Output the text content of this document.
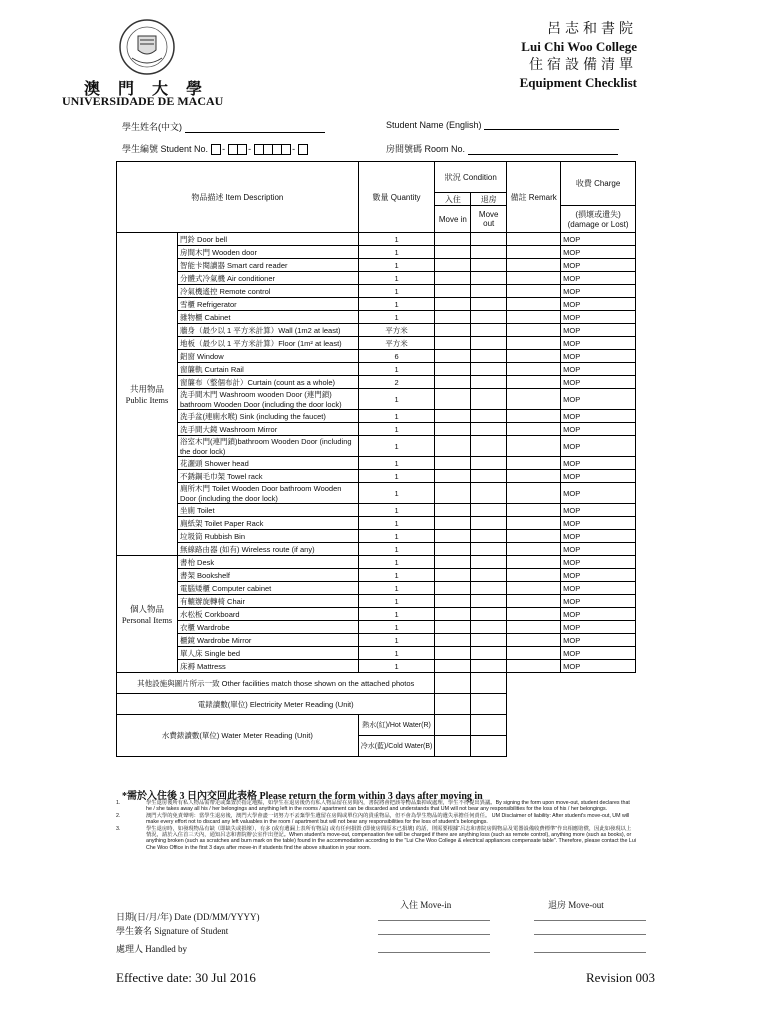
澳門大學
UNIVERSIDADE DE MACAU
呂志和書院
Lui Chi Woo College
住宿設備清單
Equipment Checklist
學生姓名(中文)	Student Name (English)
學生編號 Student No.  -  -	-	房間號碼 Room No.
物品描述 Item Description		數量 Quantity	狀況 Condition		備註 Remark	收費 Charge
			入住	退房		
			Move in	Move out		(損壞或遺失) (damage or Lost)
共用物品 Public Items	門鈴 Door bell	1				MOP
	房間木門 Wooden door	1				MOP
	智能卡閱讀器 Smart card reader	1				MOP
	分體式冷氣機 Air conditioner	1				MOP
	冷氣機遙控 Remote control	1				MOP
	雪櫃 Refrigerator	1				MOP
	雜物櫃 Cabinet	1				MOP
	牆身（最少以 1 平方米計算）Wall (1m2 at least)	平方米				MOP
	地板（最少以 1 平方米計算）Floor (1m² at least)	平方米				MOP
	鋁窗 Window	6				MOP
	窗簾軌 Curtain Rail	1				MOP
	窗簾布（整個布計）Curtain (count as a whole)	2				MOP
	洗手間木門 Washroom wooden Door (連門鎖) bathroom Wooden Door (including the door lock)	1				MOP
	洗手盆(連廁水喉) Sink (including the faucet)	1				MOP
	洗手間大鏡 Washroom Mirror	1				MOP
	浴室木門(連門鎖)bathroom Wooden Door (including the door lock)	1				MOP
	花灑頭 Shower head	1				MOP
	不銹鋼毛巾架 Towel rack	1				MOP
	廁所木門 Toilet Wooden Door bathroom Wooden Door (including the door lock)	1				MOP
	坐廁 Toilet	1				MOP
	廁紙架 Toilet Paper Rack	1				MOP
	垃圾筒 Rubbish Bin	1				MOP
	無線路由器 (如有) Wireless route (if any)	1				MOP
個人物品 Personal Items	書枱 Desk	1				MOP
	書架 Bookshelf	1				MOP
	電腦矮櫃 Computer cabinet	1				MOP
	有轆辦旋轉椅 Chair	1				MOP
	水松板 Corkboard	1				MOP
	衣櫃 Wardrobe	1				MOP
	櫃鏡 Wardrobe Mirror	1				MOP
	單人床 Single bed	1				MOP
	床褥 Mattress	1				MOP
其他設施與圖片所示一致 Other facilities match those shown on the attached photos						
電錶讀數(單位) Electricity Meter Reading (Unit)						
水費錶讀數(單位) Water Meter Reading (Unit)		熱水(紅)/Hot Water(R)				
		冷水(藍)/Cold Water(B)				
*需於入住後 3 日內交回此表格 Please return the form within 3 days after moving in
1.	學生退房後所有私人物品需帶走或棄置於指定地點，如學生在退房後仍有私人物品留在房間內，書院將會把該等物品棄掉或處理，學生不得提出異議。By signing the form upon move-out, student declares that he / she takes away all his / her belongings and anything left in the rooms / apartment can be discarded and understands that UM will not bear any responsibilities for the loss of his / her belongings.
2.	澳門大學的免責聲明：當學生退房後，澳門大學會盡一切努力不丟棄學生遺留在房間或單位內的貴重物品，但不會為學生物品的遺失承擔任何責任。 UM Disclaimer of liability: After student's move-out, UM will make every effort not to discard any left valuables in the room / apartment but will not bear any responsibilities for the loss of student's belongings.
3.	學生退房時，如發現物品有缺（即缺失或損壞），有多 (或有遺漏上表所有物品) 或有任何損毀 (即使房間原本已損壞) 的話，則需要根據“呂志和書院房間物品及電器設備收費標準”作出相應賠償，因此如發現以上情況，請於入住首三天內，通知呂志和書院辦公室作出登記。When student's move-out, compensation fee will be charged if there are anything loss (such as remote control), anything more (such as books), or anything broken (such as scratches and burn mark on the table) found in the accommodation according to the "Lui Che Woo College & electrical appliances compensate table". Therefore, please contact the Lui Che Woo Office in the first 3 days after move-in if students find the above situation in your room.
入住 Move-in	退房 Move-out
日期(日/月/年) Date (DD/MM/YYYY)
學生簽名 Signature of Student
處理人 Handled by
Effective date: 30 Jul 2016	Revision 003
